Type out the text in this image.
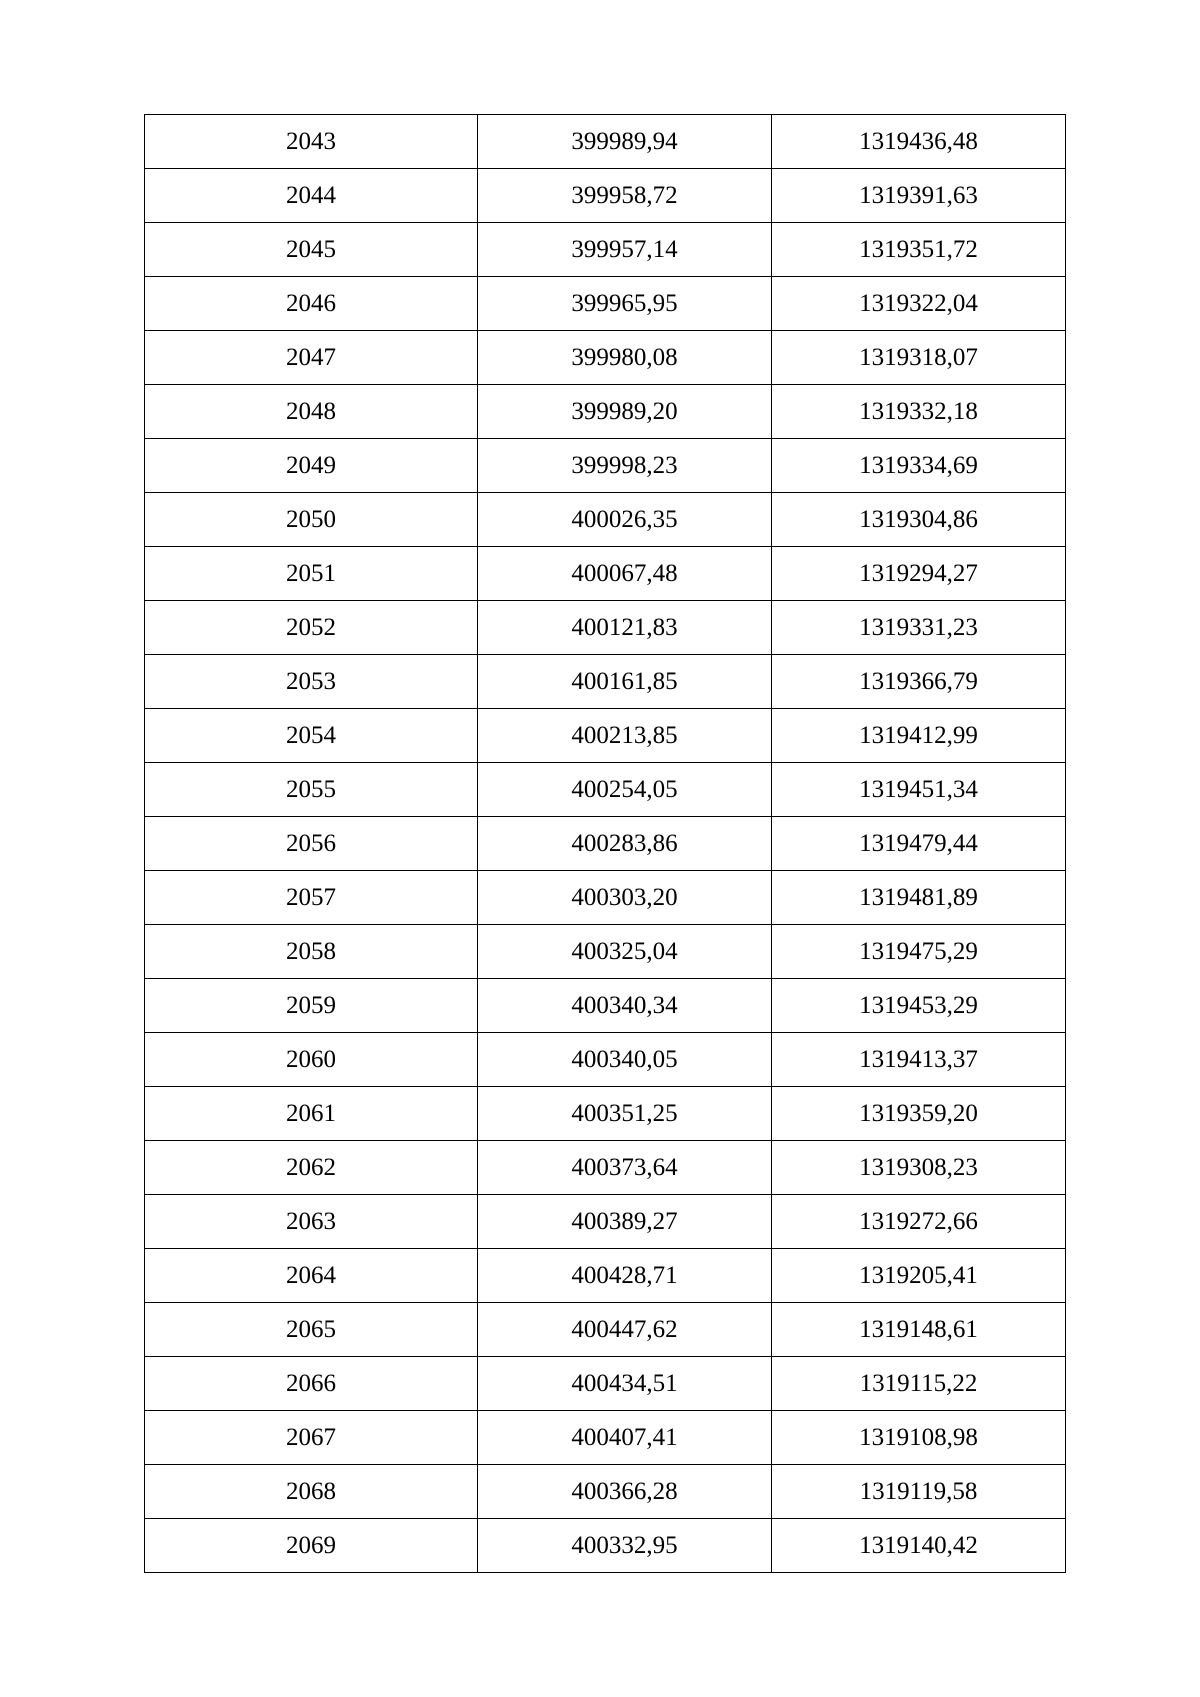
2043	399989,94	1319436,48
2044	399958,72	1319391,63
2045	399957,14	1319351,72
2046	399965,95	1319322,04
2047	399980,08	1319318,07
2048	399989,20	1319332,18
2049	399998,23	1319334,69
2050	400026,35	1319304,86
2051	400067,48	1319294,27
2052	400121,83	1319331,23
2053	400161,85	1319366,79
2054	400213,85	1319412,99
2055	400254,05	1319451,34
2056	400283,86	1319479,44
2057	400303,20	1319481,89
2058	400325,04	1319475,29
2059	400340,34	1319453,29
2060	400340,05	1319413,37
2061	400351,25	1319359,20
2062	400373,64	1319308,23
2063	400389,27	1319272,66
2064	400428,71	1319205,41
2065	400447,62	1319148,61
2066	400434,51	1319115,22
2067	400407,41	1319108,98
2068	400366,28	1319119,58
2069	400332,95	1319140,42
